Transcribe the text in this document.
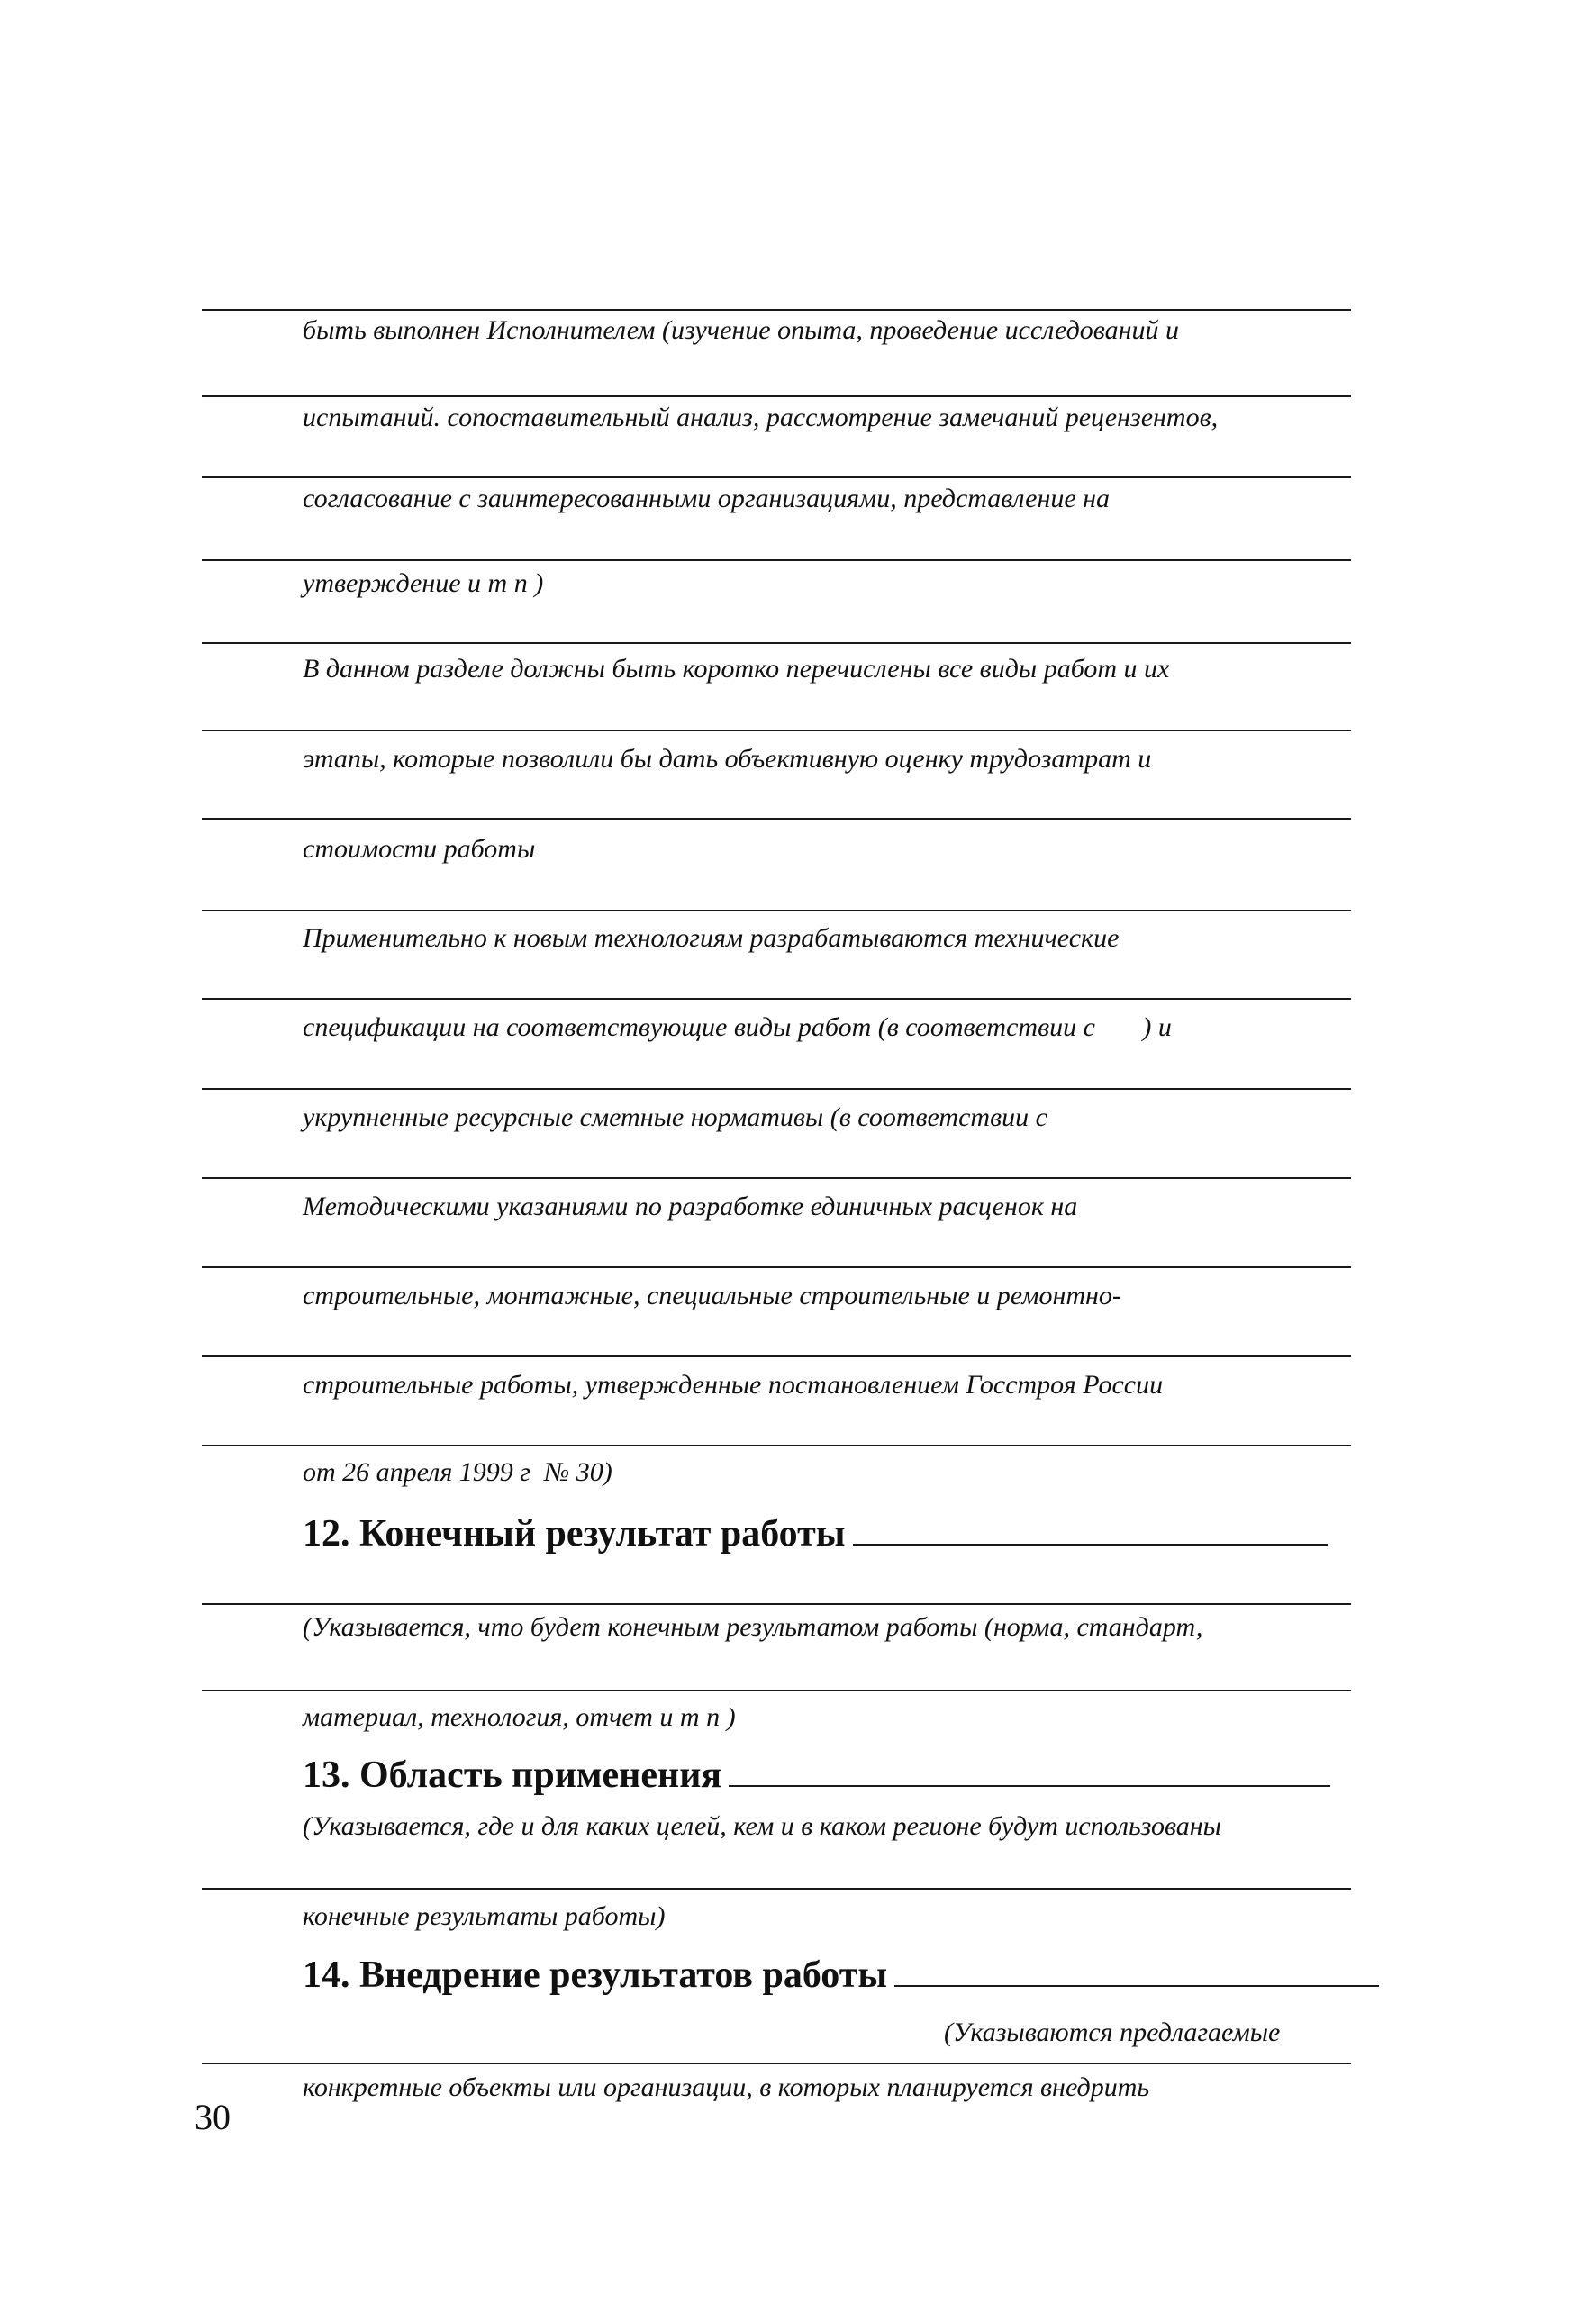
быть выполнен Исполнителем (изучение опыта, проведение исследований и
испытаний. сопоставительный анализ, рассмотрение замечаний рецензентов,
согласование с заинтересованными организациями, представление на
утверждение и т п )
В данном разделе должны быть коротко перечислены все виды работ и их
этапы, которые позволили бы дать объективную оценку трудозатрат и
стоимости работы
Применительно к новым технологиям разрабатываются технические
спецификации на соответствующие виды работ (в соответствии с       ) и
укрупненные ресурсные сметные нормативы (в соответствии с
Методическими указаниями по разработке единичных расценок на
строительные, монтажные, специальные строительные и ремонтно-
строительные работы, утвержденные постановлением Госстроя России
от 26 апреля 1999 г  № 30)
12. Конечный результат работы
(Указывается, что будет конечным результатом работы (норма, стандарт,
материал, технология, отчет и т п )
13. Область применения
(Указывается, где и для каких целей, кем и в каком регионе будут использованы
конечные результаты работы)
14. Внедрение результатов работы
(Указываются предлагаемые
конкретные объекты или организации, в которых планируется внедрить
30
